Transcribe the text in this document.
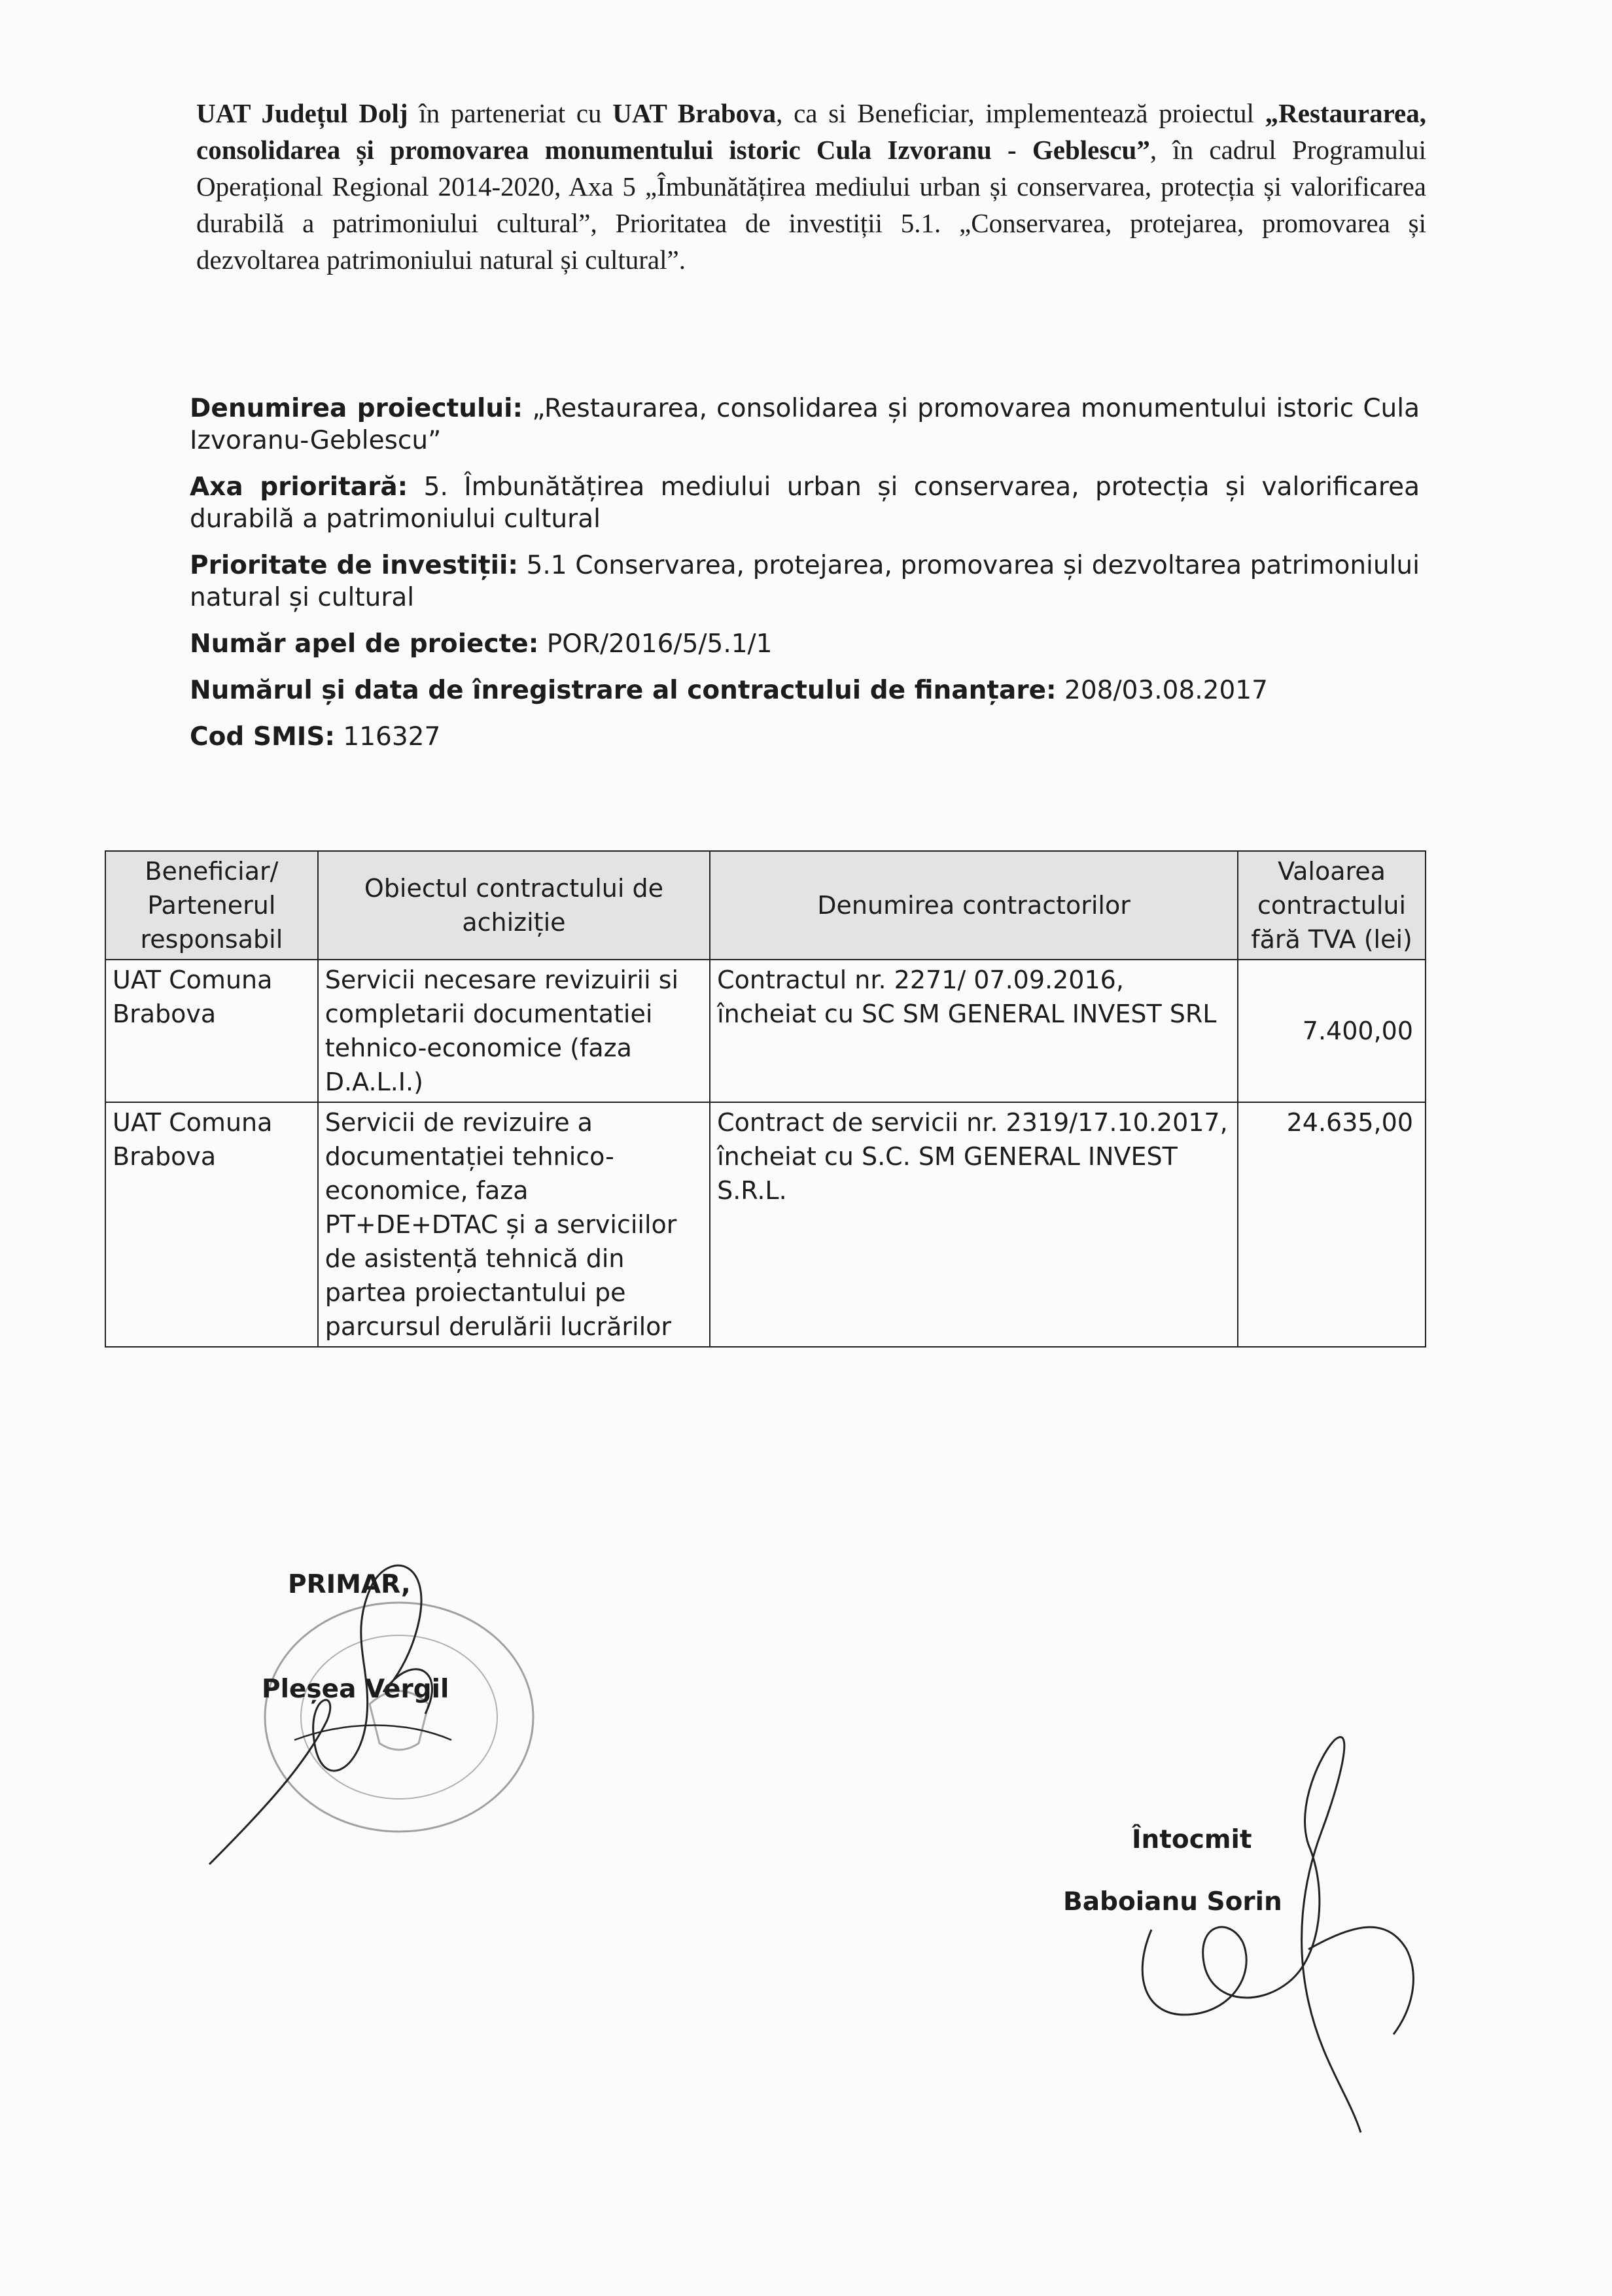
UAT Județul Dolj în parteneriat cu UAT Brabova, ca si Beneficiar, implementează proiectul „Restaurarea, consolidarea și promovarea monumentului istoric Cula Izvoranu - Geblescu”, în cadrul Programului Operațional Regional 2014-2020, Axa 5 „Îmbunătățirea mediului urban și conservarea, protecția și valorificarea durabilă a patrimoniului cultural”, Prioritatea de investiții 5.1. „Conservarea, protejarea, promovarea și dezvoltarea patrimoniului natural și cultural”.

Denumirea proiectului: „Restaurarea, consolidarea și promovarea monumentului istoric Cula Izvoranu-Geblescu”

Axa prioritară: 5. Îmbunătățirea mediului urban și conservarea, protecția și valorificarea durabilă a patrimoniului cultural

Prioritate de investiții: 5.1 Conservarea, protejarea, promovarea și dezvoltarea patrimoniului natural și cultural

Număr apel de proiecte: POR/2016/5/5.1/1

Numărul și data de înregistrare al contractului de finanțare: 208/03.08.2017

Cod SMIS: 116327

Beneficiar/ Partenerul responsabil	Obiectul contractului de achiziție	Denumirea contractorilor	Valoarea contractului fără TVA (lei)
UAT Comuna Brabova	Servicii necesare revizuirii si completarii documentatiei tehnico-economice (faza D.A.L.I.)	Contractul nr. 2271/ 07.09.2016, încheiat cu SC SM GENERAL INVEST SRL	7.400,00
UAT Comuna Brabova	Servicii de revizuire a documentației tehnico-economice, faza PT+DE+DTAC și a serviciilor de asistență tehnică din partea proiectantului pe parcursul derulării lucrărilor	Contract de servicii nr. 2319/17.10.2017, încheiat cu S.C. SM GENERAL INVEST S.R.L.	24.635,00
PRIMAR,
Pleșea Vergil
Întocmit
Baboianu Sorin
